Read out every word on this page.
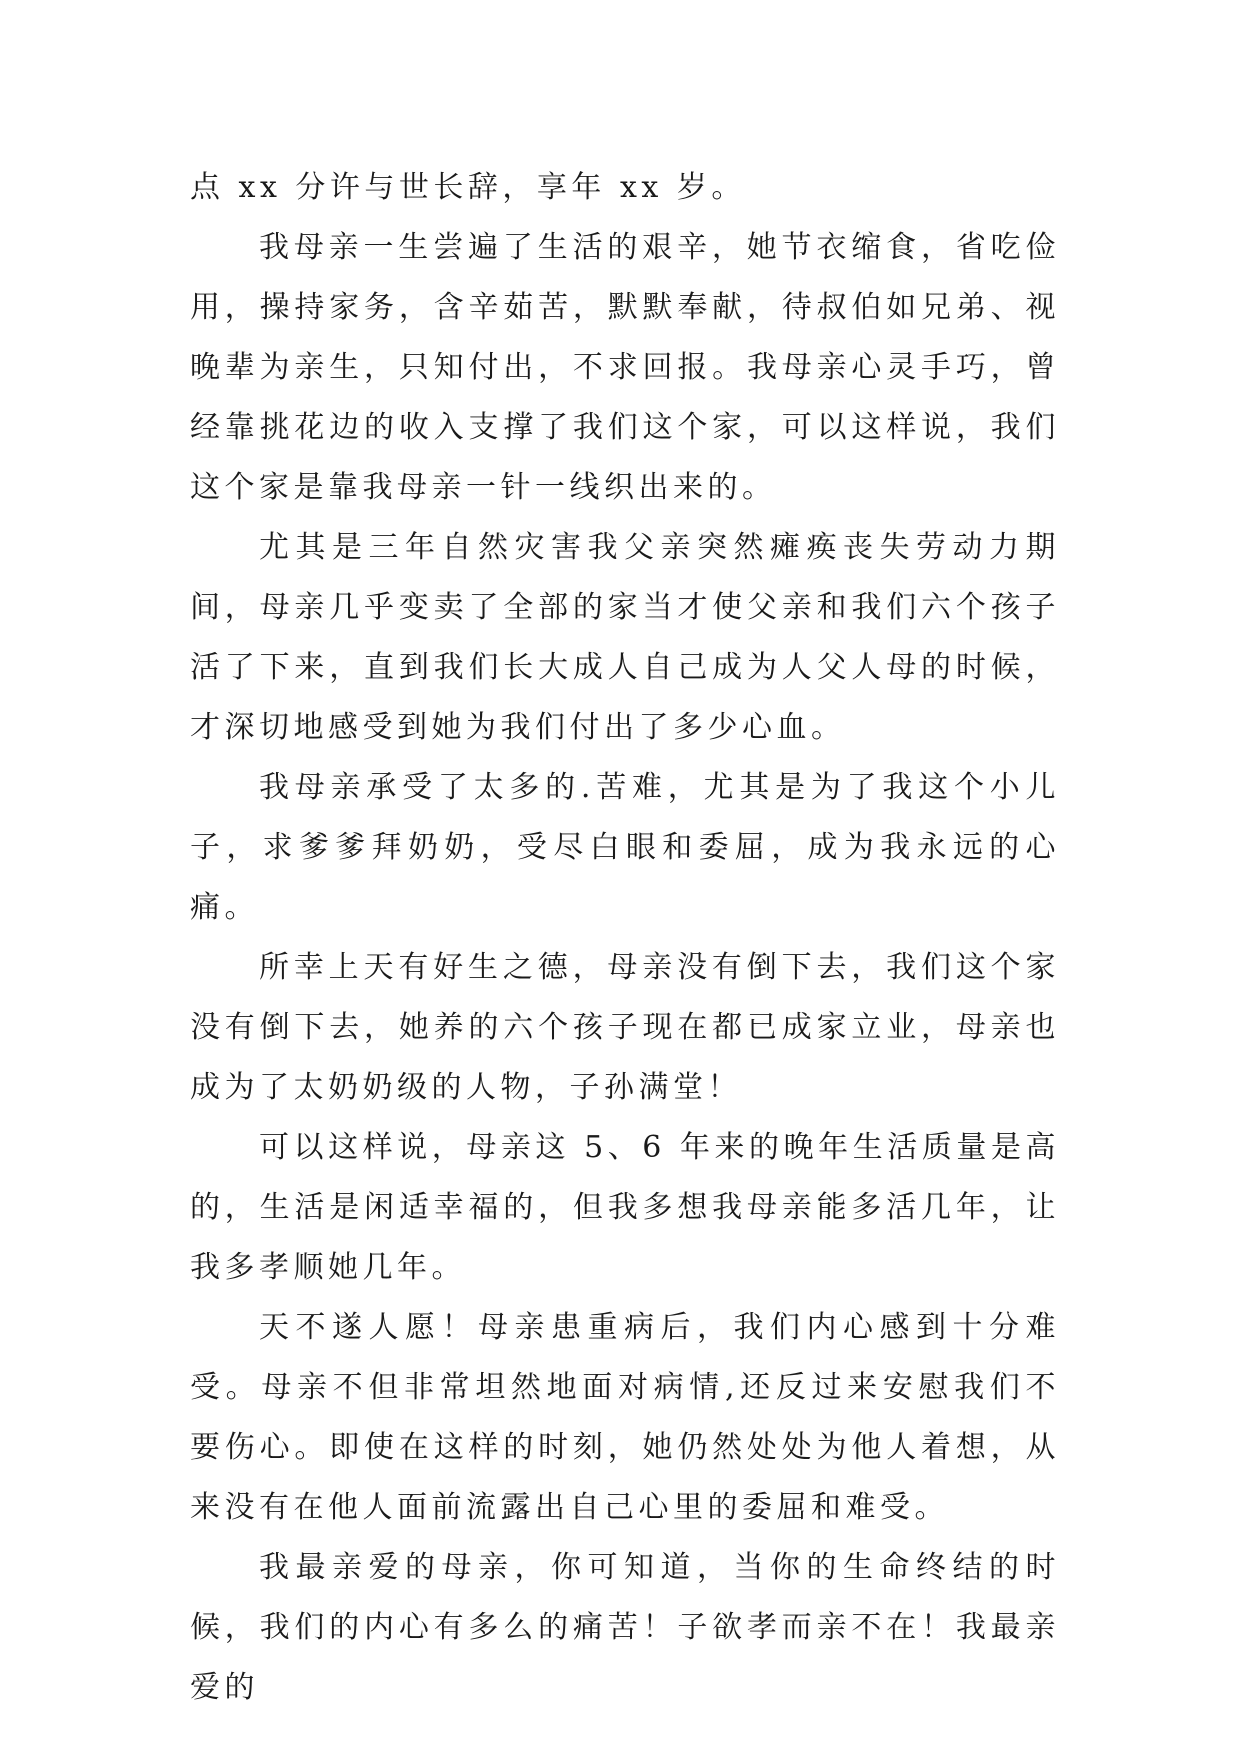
点 xx 分许与世长辞，享年 xx 岁。

我母亲一生尝遍了生活的艰辛，她节衣缩食，省吃俭用，操持家务，含辛茹苦，默默奉献，待叔伯如兄弟、视晚辈为亲生，只知付出，不求回报。我母亲心灵手巧，曾经靠挑花边的收入支撑了我们这个家，可以这样说，我们这个家是靠我母亲一针一线织出来的。

尤其是三年自然灾害我父亲突然瘫痪丧失劳动力期间，母亲几乎变卖了全部的家当才使父亲和我们六个孩子活了下来，直到我们长大成人自己成为人父人母的时候，才深切地感受到她为我们付出了多少心血。

我母亲承受了太多的.苦难，尤其是为了我这个小儿子，求爹爹拜奶奶，受尽白眼和委屈，成为我永远的心痛。

所幸上天有好生之德，母亲没有倒下去，我们这个家没有倒下去，她养的六个孩子现在都已成家立业，母亲也成为了太奶奶级的人物，子孙满堂！

可以这样说，母亲这 5、6 年来的晚年生活质量是高的，生活是闲适幸福的，但我多想我母亲能多活几年，让我多孝顺她几年。

天不遂人愿！母亲患重病后，我们内心感到十分难受。母亲不但非常坦然地面对病情,还反过来安慰我们不要伤心。即使在这样的时刻，她仍然处处为他人着想，从来没有在他人面前流露出自己心里的委屈和难受。

我最亲爱的母亲，你可知道，当你的生命终结的时候，我们的内心有多么的痛苦！子欲孝而亲不在！我最亲爱的
